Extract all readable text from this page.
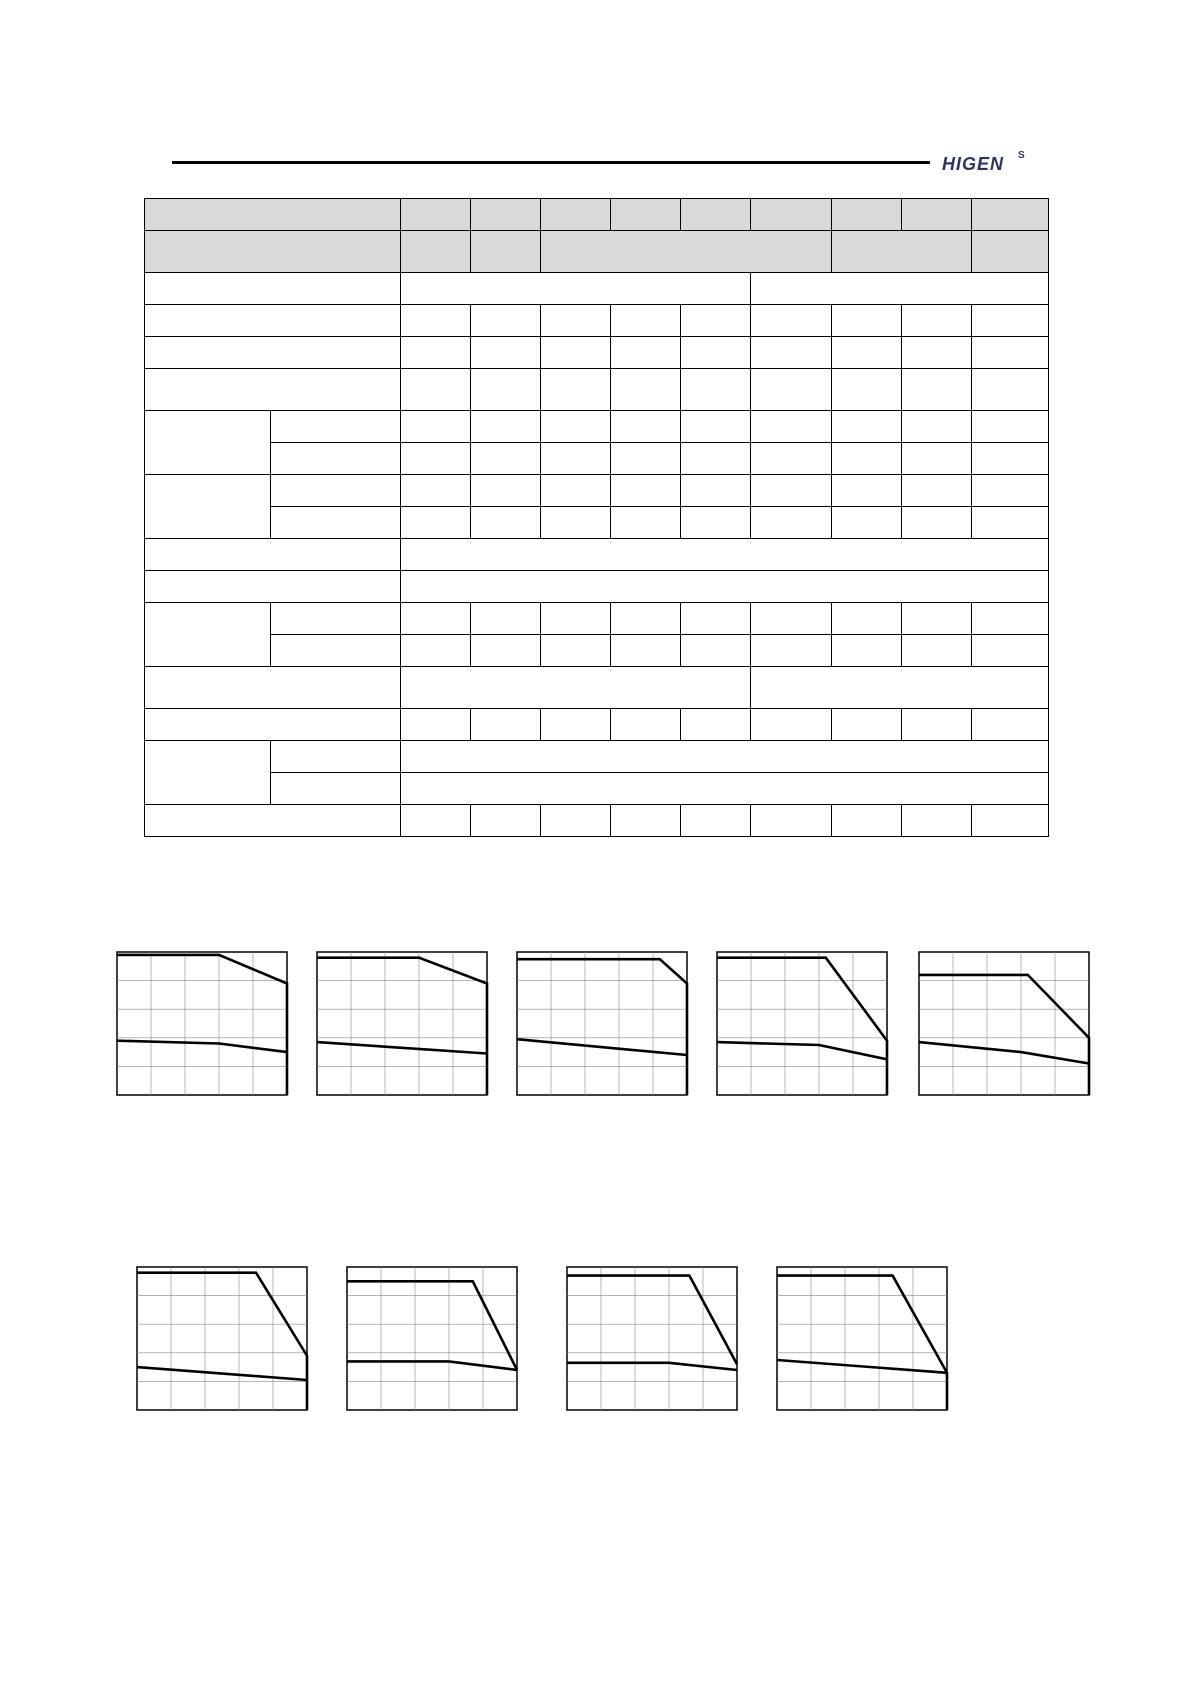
HIGEN S
